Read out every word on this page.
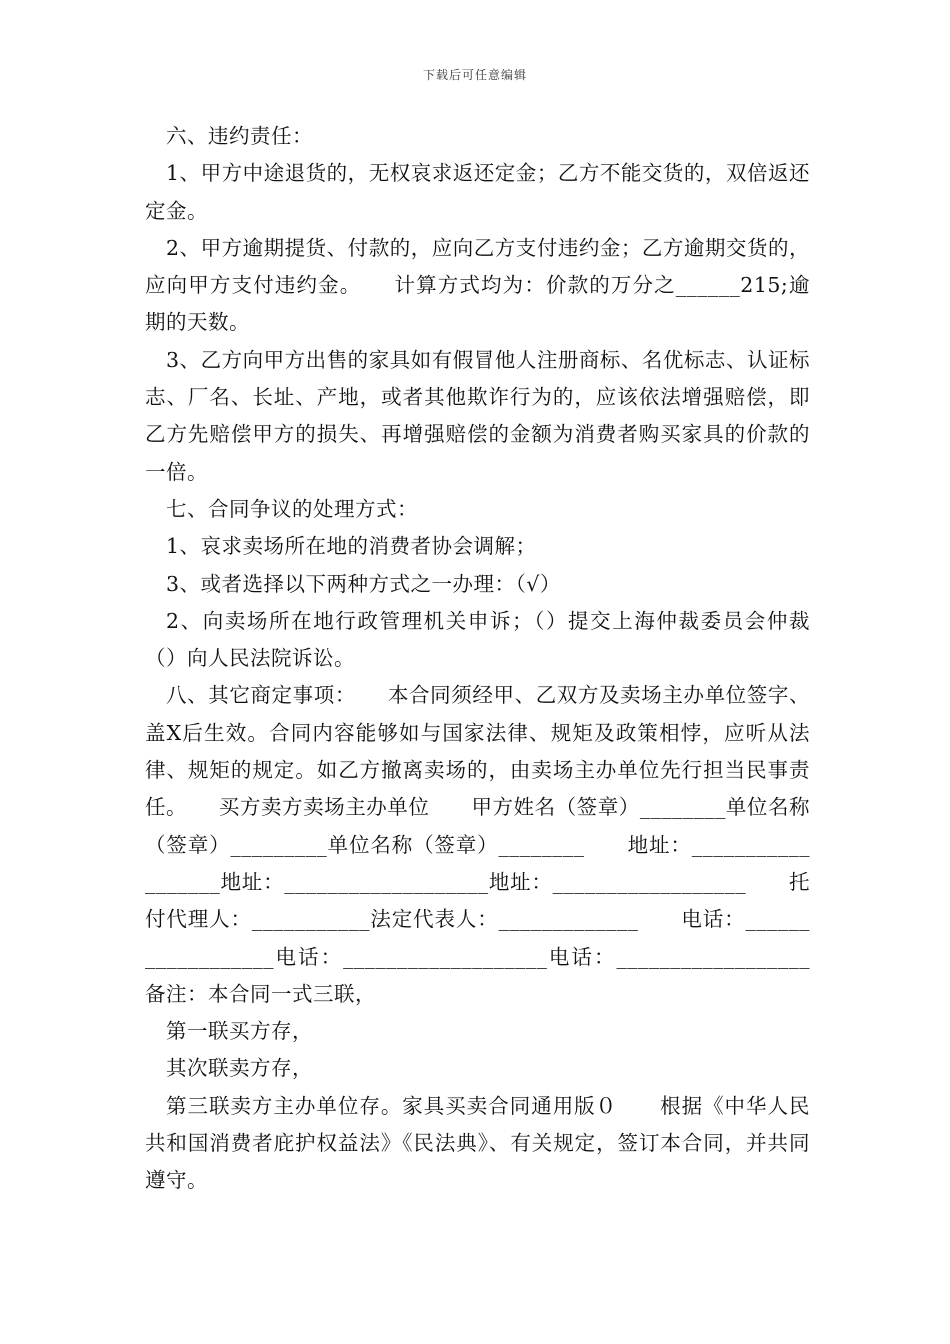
下载后可任意编辑

六、违约责任：

1、甲方中途退货的，无权哀求返还定金；乙方不能交货的，双倍返还定金。

2、甲方逾期提货、付款的，应向乙方支付违约金；乙方逾期交货的，应向甲方支付违约金。　　计算方式均为：价款的万分之______215;逾期的天数。

3、乙方向甲方出售的家具如有假冒他人注册商标、名优标志、认证标志、厂名、长址、产地，或者其他欺诈行为的，应该依法增强赔偿，即乙方先赔偿甲方的损失、再增强赔偿的金额为消费者购买家具的价款的一倍。

七、合同争议的处理方式：

1、哀求卖场所在地的消费者协会调解；

3、或者选择以下两种方式之一办理：（√）

2、向卖场所在地行政管理机关申诉；（）提交上海仲裁委员会仲裁（）向人民法院诉讼。

八、其它商定事项：　　本合同须经甲、乙双方及卖场主办单位签字、盖Ⅹ后生效。合同内容能够如与国家法律、规矩及政策相悖，应听从法律、规矩的规定。如乙方撤离卖场的，由卖场主办单位先行担当民事责任。　　买方卖方卖场主办单位　　甲方姓名（签章）________单位名称（签章）_________单位名称（签章）________　　地址：__________________地址：___________________地址：__________________　　托付代理人：___________法定代表人：_____________　　电话：__________________电话：___________________电话：__________________　　备注：本合同一式三联，

第一联买方存，

其次联卖方存，

第三联卖方主办单位存。家具买卖合同通用版０　　根据《中华人民共和国消费者庇护权益法》《民法典》、有关规定，签订本合同，并共同遵守。
